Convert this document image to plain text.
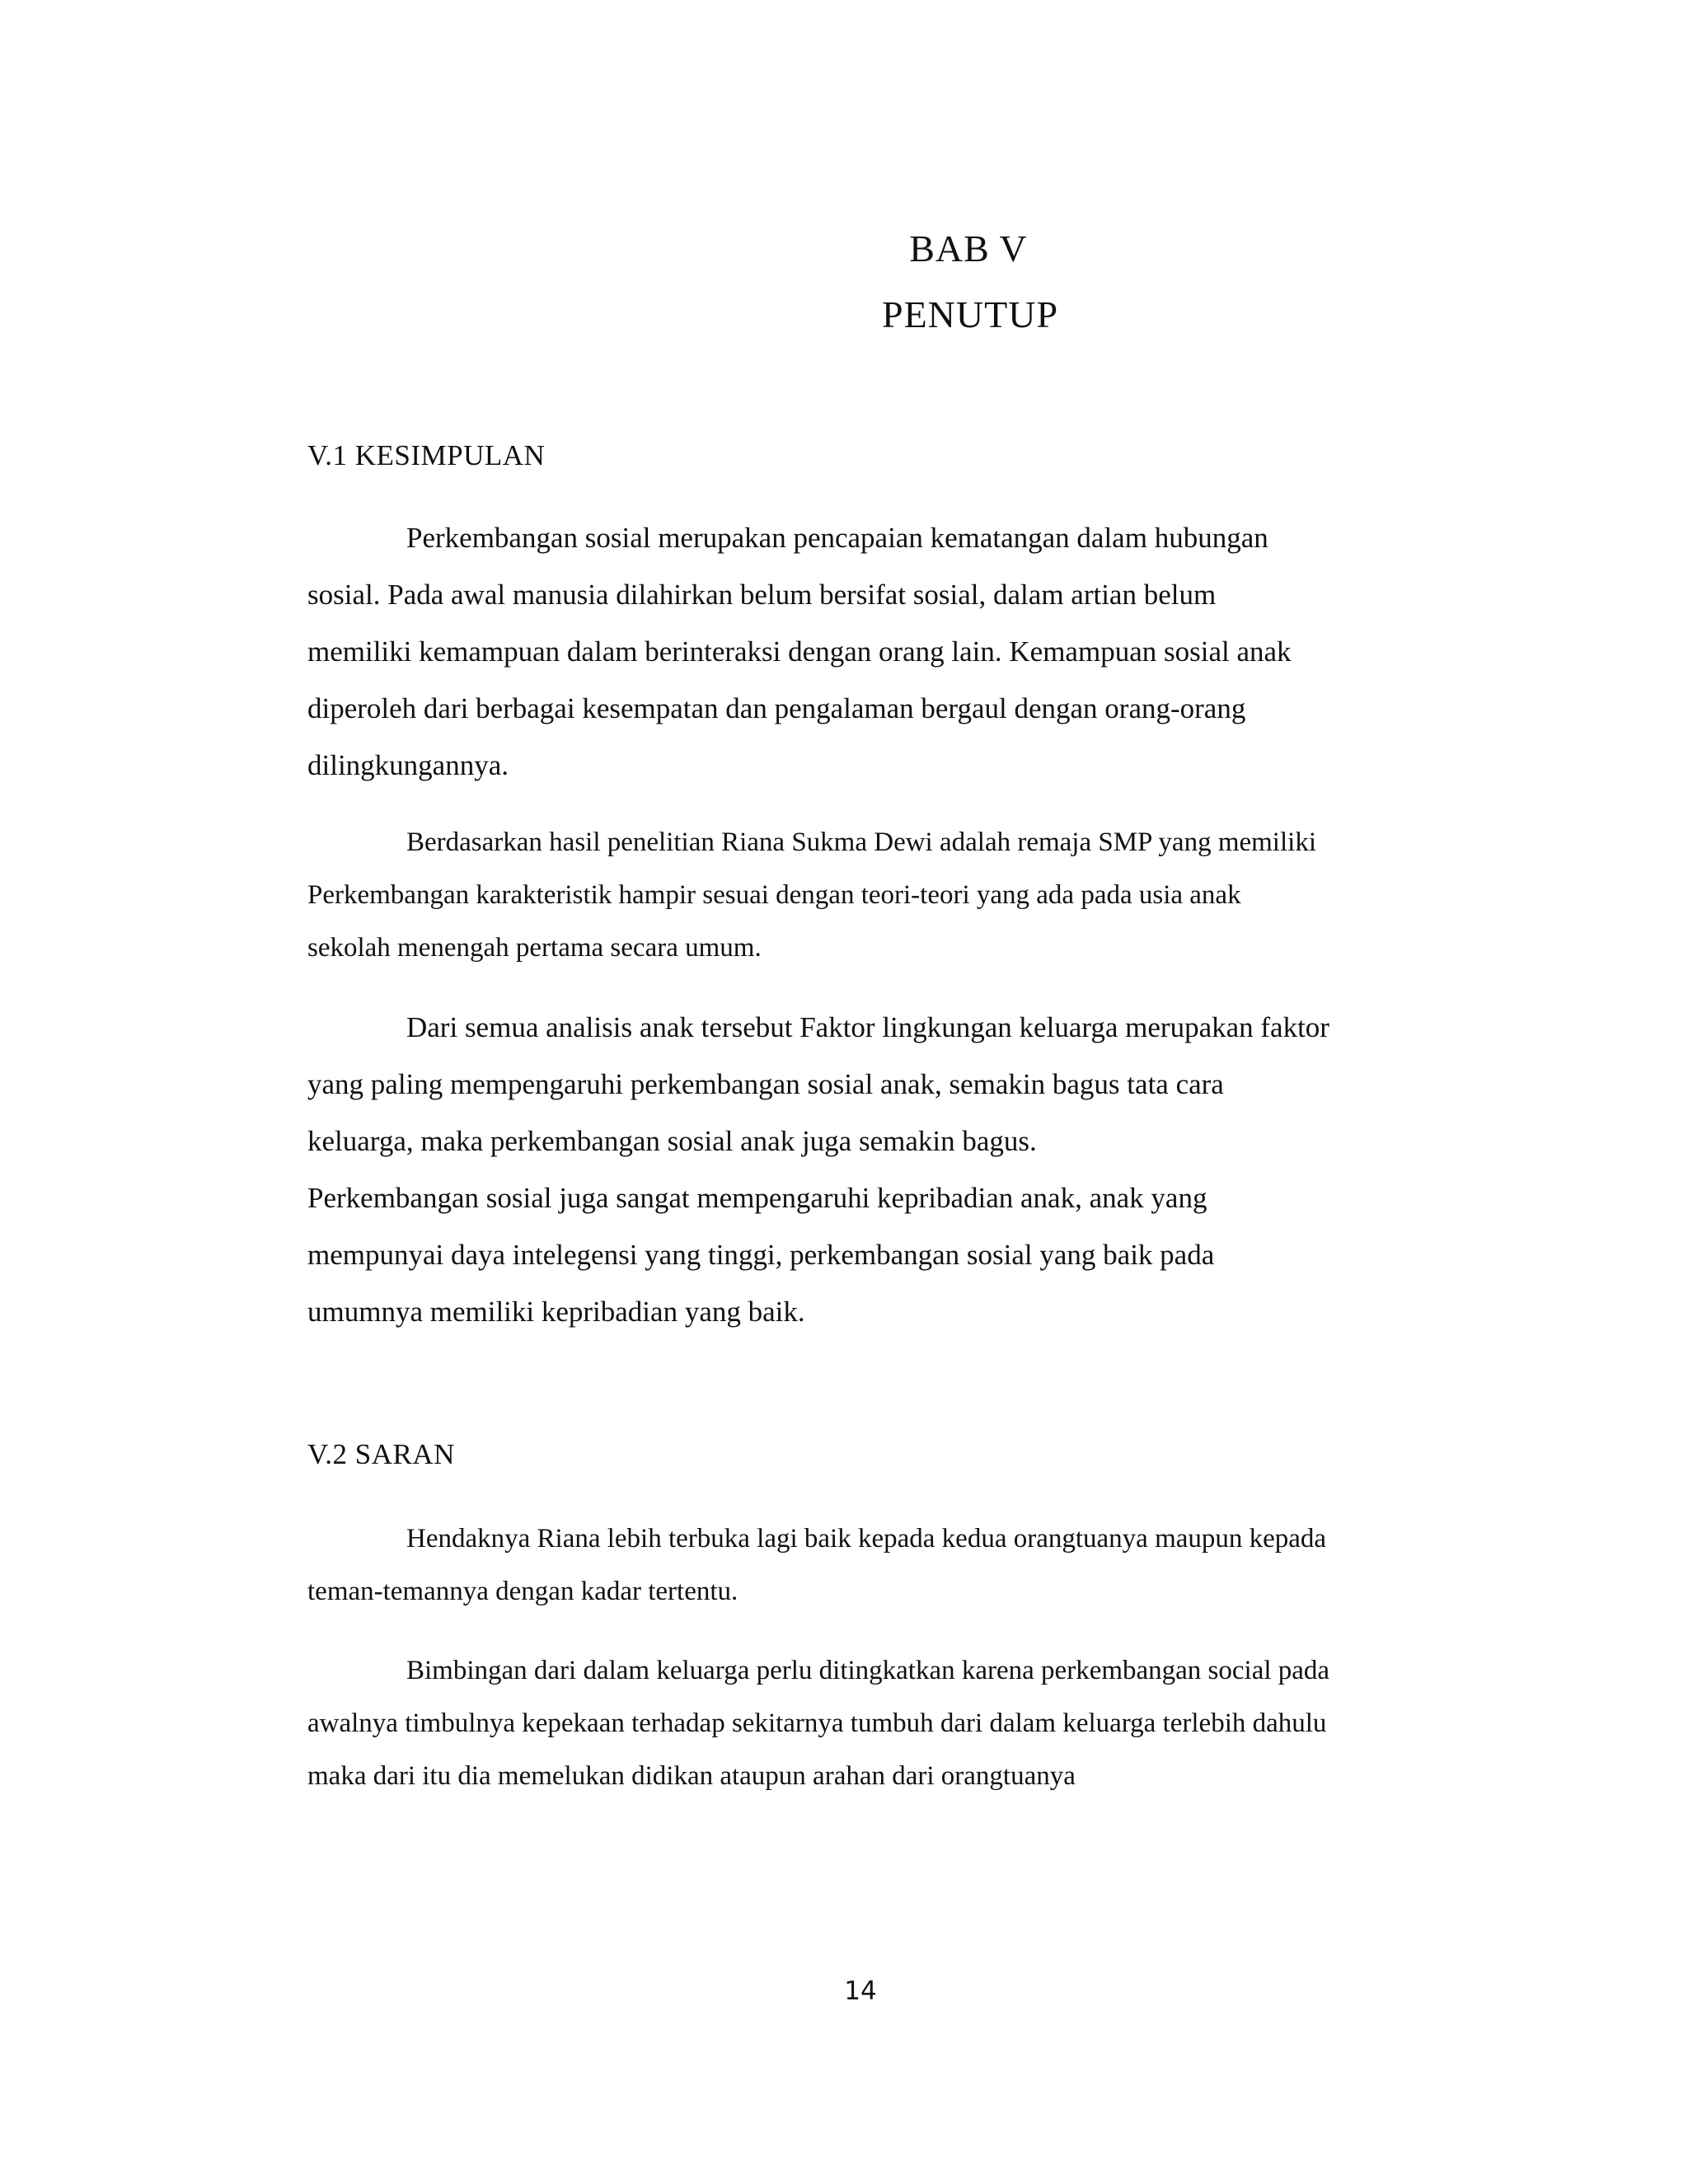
BAB V
PENUTUP
V.1 KESIMPULAN

Perkembangan sosial merupakan pencapaian kematangan dalam hubungan
sosial. Pada awal manusia dilahirkan belum bersifat sosial, dalam artian belum
memiliki kemampuan dalam berinteraksi dengan orang lain. Kemampuan sosial anak
diperoleh dari berbagai kesempatan dan pengalaman bergaul dengan orang-orang
dilingkungannya.

Berdasarkan hasil penelitian Riana Sukma Dewi adalah remaja SMP yang memiliki
Perkembangan karakteristik hampir sesuai dengan teori-teori yang ada pada usia anak
sekolah menengah pertama secara umum.

Dari semua analisis anak tersebut Faktor lingkungan keluarga merupakan faktor
yang paling mempengaruhi perkembangan sosial anak, semakin bagus tata cara
keluarga, maka perkembangan sosial anak juga semakin bagus.
Perkembangan sosial juga sangat mempengaruhi kepribadian anak, anak yang
mempunyai daya intelegensi yang tinggi, perkembangan sosial yang baik pada
umumnya memiliki kepribadian yang baik.

V.2 SARAN

Hendaknya Riana lebih terbuka lagi baik kepada kedua orangtuanya maupun kepada
teman-temannya dengan kadar tertentu.

Bimbingan dari dalam keluarga perlu ditingkatkan karena perkembangan social pada
awalnya timbulnya kepekaan terhadap sekitarnya tumbuh dari dalam keluarga terlebih dahulu
maka dari itu dia memelukan didikan ataupun arahan dari orangtuanya

14
